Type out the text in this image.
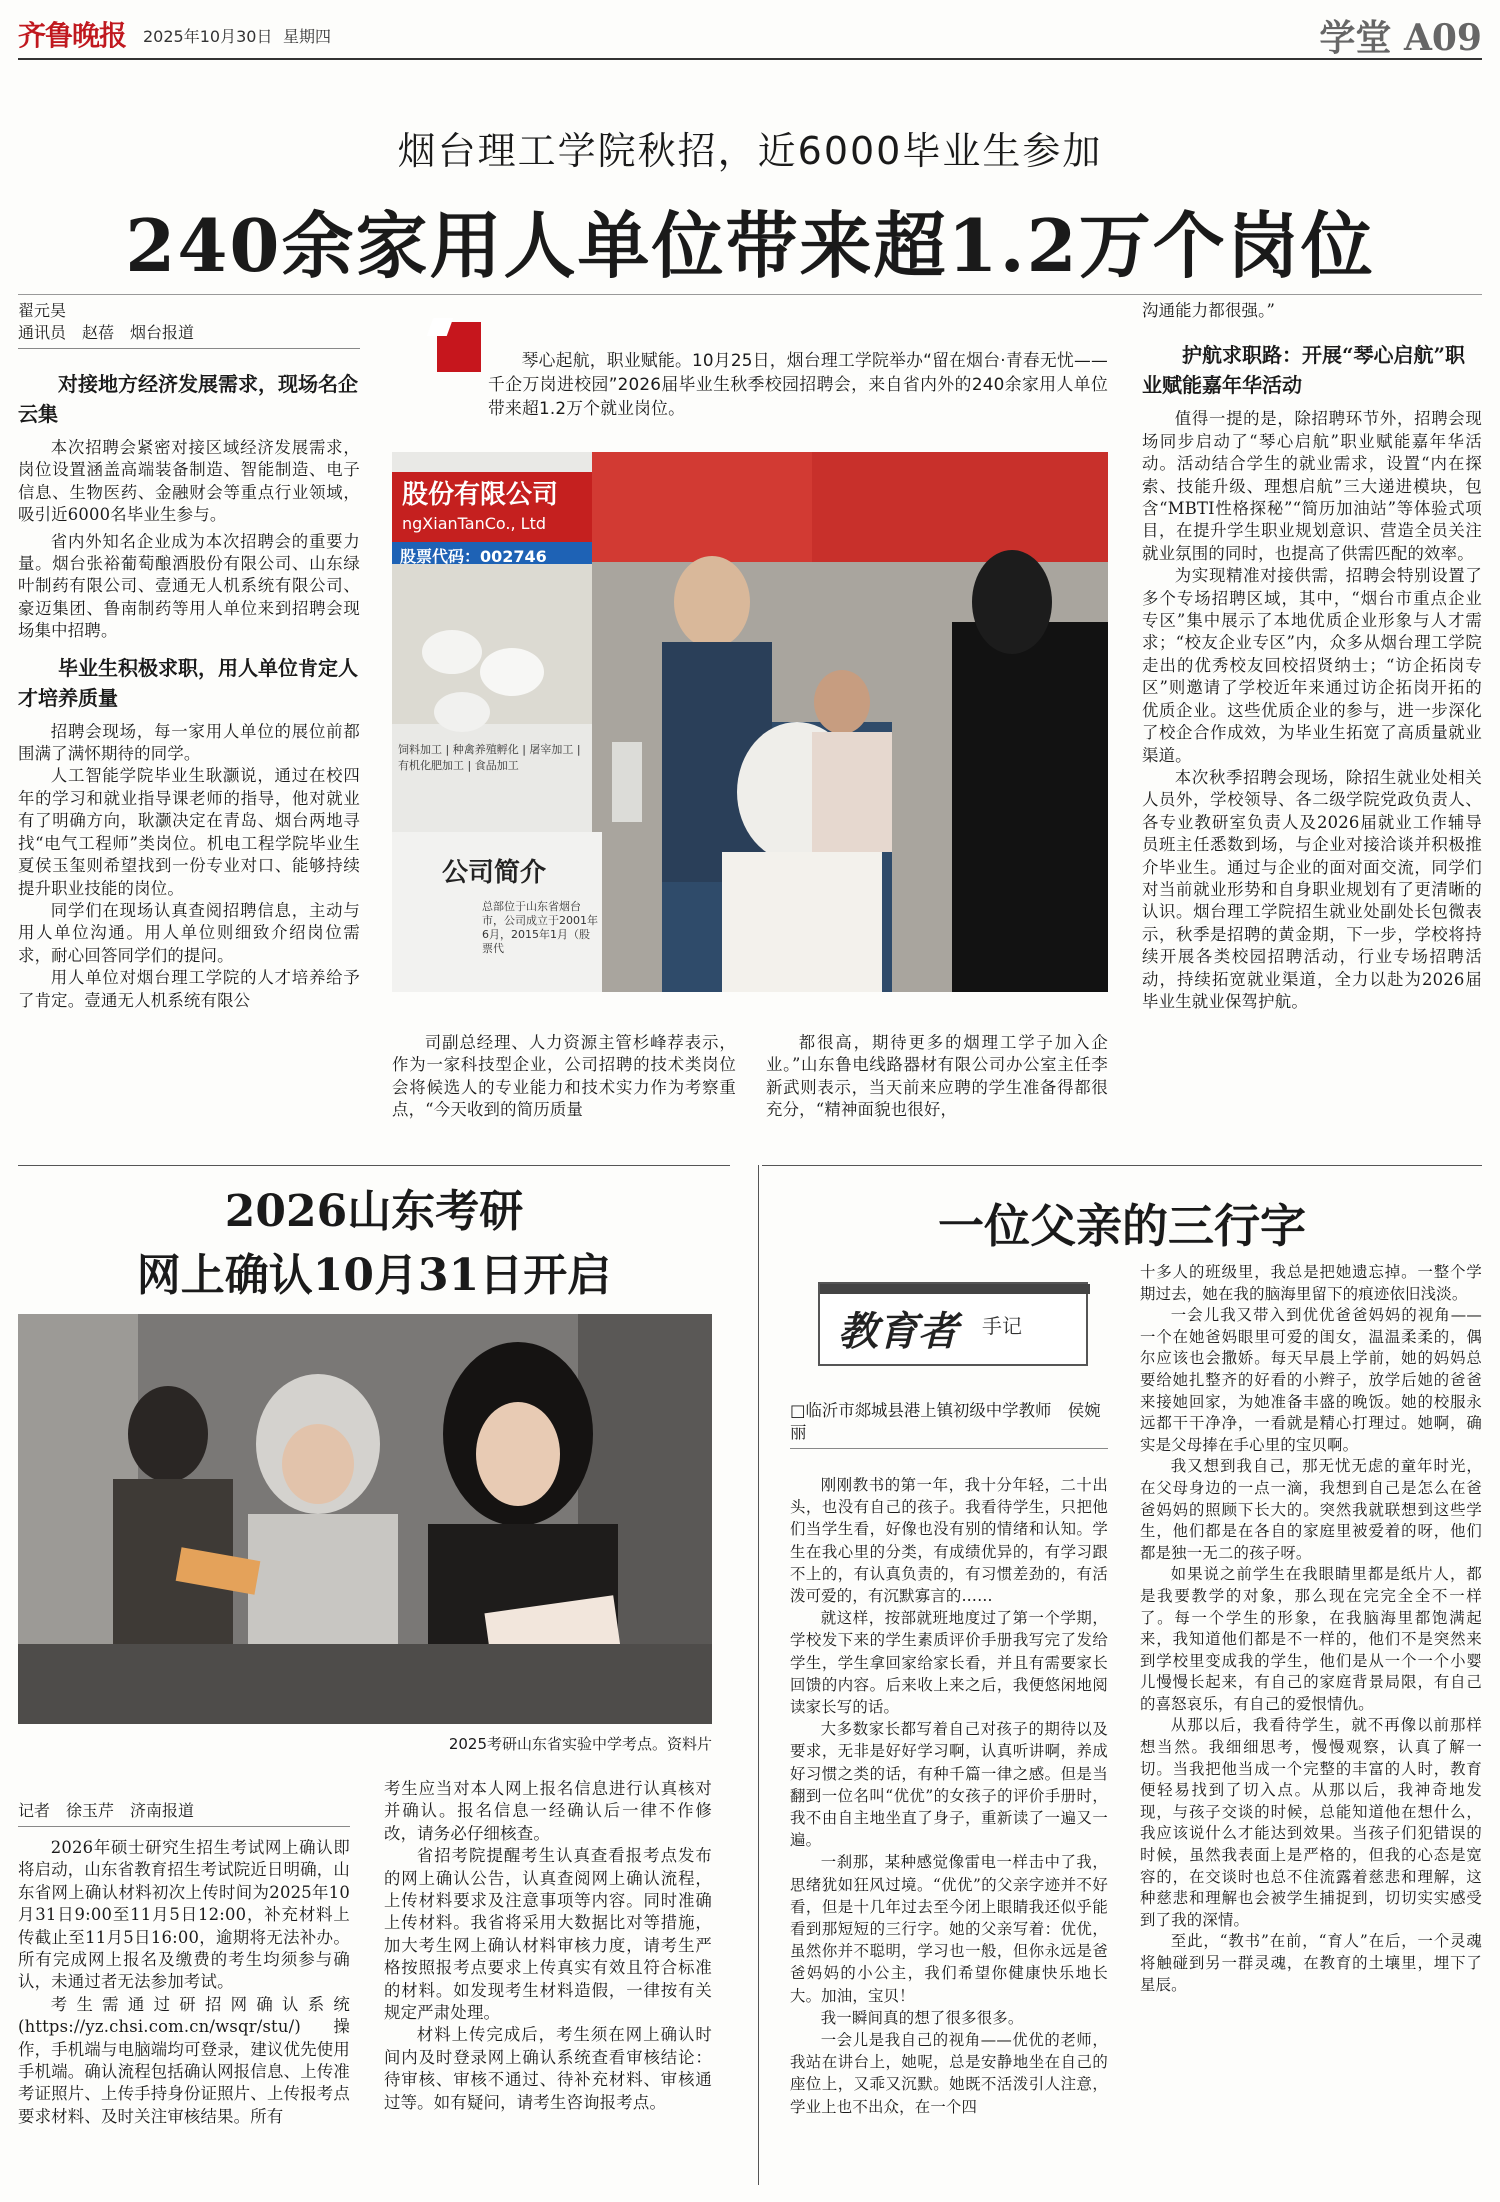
齐鲁晚报 2025年10月30日 星期四	学堂 A09
烟台理工学院秋招，近6000毕业生参加
240余家用人单位带来超1.2万个岗位
翟元昊
通讯员　赵蓓　烟台报道
对接地方经济发展需求，现场名企云集

本次招聘会紧密对接区域经济发展需求，岗位设置涵盖高端装备制造、智能制造、电子信息、生物医药、金融财会等重点行业领域，吸引近6000名毕业生参与。

省内外知名企业成为本次招聘会的重要力量。烟台张裕葡萄酿酒股份有限公司、山东绿叶制药有限公司、壹通无人机系统有限公司、豪迈集团、鲁南制药等用人单位来到招聘会现场集中招聘。

毕业生积极求职，用人单位肯定人才培养质量

招聘会现场，每一家用人单位的展位前都围满了满怀期待的同学。

人工智能学院毕业生耿灏说，通过在校四年的学习和就业指导课老师的指导，他对就业有了明确方向，耿灏决定在青岛、烟台两地寻找“电气工程师”类岗位。机电工程学院毕业生夏侯玉玺则希望找到一份专业对口、能够持续提升职业技能的岗位。

同学们在现场认真查阅招聘信息，主动与用人单位沟通。用人单位则细致介绍岗位需求，耐心回答同学们的提问。

用人单位对烟台理工学院的人才培养给予了肯定。壹通无人机系统有限公

琴心起航，职业赋能。10月25日，烟台理工学院举办“留在烟台·青春无忧——千企万岗进校园”2026届毕业生秋季校园招聘会，来自省内外的240余家用人单位带来超1.2万个就业岗位。
股份有限公司
ngXianTanCo., Ltd
股票代码：002746
饲料加工 | 种禽养殖孵化 | 屠宰加工 | 有机化肥加工 | 食品加工
公司简介
总部位于山东省烟台市，公司成立于2001年6月，2015年1月（股票代
司副总经理、人力资源主管杉峰荐表示，作为一家科技型企业，公司招聘的技术类岗位会将候选人的专业能力和技术实力作为考察重点，“今天收到的简历质量
都很高，期待更多的烟理工学子加入企业。”山东鲁电线路器材有限公司办公室主任李新武则表示，当天前来应聘的学生准备得都很充分，“精神面貌也很好，

沟通能力都很强。”

护航求职路：开展“琴心启航”职业赋能嘉年华活动

值得一提的是，除招聘环节外，招聘会现场同步启动了“琴心启航”职业赋能嘉年华活动。活动结合学生的就业需求，设置“内在探索、技能升级、理想启航”三大递进模块，包含“MBTI性格探秘”“简历加油站”等体验式项目，在提升学生职业规划意识、营造全员关注就业氛围的同时，也提高了供需匹配的效率。

为实现精准对接供需，招聘会特别设置了多个专场招聘区域，其中，“烟台市重点企业专区”集中展示了本地优质企业形象与人才需求；“校友企业专区”内，众多从烟台理工学院走出的优秀校友回校招贤纳士；“访企拓岗专区”则邀请了学校近年来通过访企拓岗开拓的优质企业。这些优质企业的参与，进一步深化了校企合作成效，为毕业生拓宽了高质量就业渠道。

本次秋季招聘会现场，除招生就业处相关人员外，学校领导、各二级学院党政负责人、各专业教研室负责人及2026届就业工作辅导员班主任悉数到场，与企业对接洽谈并积极推介毕业生。通过与企业的面对面交流，同学们对当前就业形势和自身职业规划有了更清晰的认识。烟台理工学院招生就业处副处长包微表示，秋季是招聘的黄金期，下一步，学校将持续开展各类校园招聘活动，行业专场招聘活动，持续拓宽就业渠道，全力以赴为2026届毕业生就业保驾护航。

2026山东考研
网上确认10月31日开启
2025考研山东省实验中学考点。资料片
记者　徐玉芹　济南报道

2026年硕士研究生招生考试网上确认即将启动，山东省教育招生考试院近日明确，山东省网上确认材料初次上传时间为2025年10月31日9:00至11月5日12:00，补充材料上传截止至11月5日16:00，逾期将无法补办。所有完成网上报名及缴费的考生均须参与确认，未通过者无法参加考试。

考生需通过研招网确认系统(https://yz.chsi.com.cn/wsqr/stu/)操作，手机端与电脑端均可登录，建议优先使用手机端。确认流程包括确认网报信息、上传准考证照片、上传手持身份证照片、上传报考点要求材料、及时关注审核结果。所有

考生应当对本人网上报名信息进行认真核对并确认。报名信息一经确认后一律不作修改，请务必仔细核查。

省招考院提醒考生认真查看报考点发布的网上确认公告，认真查阅网上确认流程，上传材料要求及注意事项等内容。同时准确上传材料。我省将采用大数据比对等措施，加大考生网上确认材料审核力度，请考生严格按照报考点要求上传真实有效且符合标准的材料。如发现考生材料造假，一律按有关规定严肃处理。

材料上传完成后，考生须在网上确认时间内及时登录网上确认系统查看审核结论：待审核、审核不通过、待补充材料、审核通过等。如有疑问，请考生咨询报考点。

一位父亲的三行字
教育者 手记
□临沂市郯城县港上镇初级中学教师　侯婉丽

刚刚教书的第一年，我十分年轻，二十出头，也没有自己的孩子。我看待学生，只把他们当学生看，好像也没有别的情绪和认知。学生在我心里的分类，有成绩优异的，有学习跟不上的，有认真负责的，有习惯差劲的，有活泼可爱的，有沉默寡言的……

就这样，按部就班地度过了第一个学期，学校发下来的学生素质评价手册我写完了发给学生，学生拿回家给家长看，并且有需要家长回馈的内容。后来收上来之后，我便悠闲地阅读家长写的话。

大多数家长都写着自己对孩子的期待以及要求，无非是好好学习啊，认真听讲啊，养成好习惯之类的话，有种千篇一律之感。但是当翻到一位名叫“优优”的女孩子的评价手册时，我不由自主地坐直了身子，重新读了一遍又一遍。

一刹那，某种感觉像雷电一样击中了我，思绪犹如狂风过境。“优优”的父亲字迹并不好看，但是十几年过去至今闭上眼睛我还似乎能看到那短短的三行字。她的父亲写着：优优，虽然你并不聪明，学习也一般，但你永远是爸爸妈妈的小公主，我们希望你健康快乐地长大。加油，宝贝！

我一瞬间真的想了很多很多。

一会儿是我自己的视角——优优的老师，我站在讲台上，她呢，总是安静地坐在自己的座位上，又乖又沉默。她既不活泼引人注意，学业上也不出众，在一个四

十多人的班级里，我总是把她遗忘掉。一整个学期过去，她在我的脑海里留下的痕迹依旧浅淡。

一会儿我又带入到优优爸爸妈妈的视角——一个在她爸妈眼里可爱的闺女，温温柔柔的，偶尔应该也会撒娇。每天早晨上学前，她的妈妈总要给她扎整齐的好看的小辫子，放学后她的爸爸来接她回家，为她准备丰盛的晚饭。她的校服永远都干干净净，一看就是精心打理过。她啊，确实是父母捧在手心里的宝贝啊。

我又想到我自己，那无忧无虑的童年时光，在父母身边的一点一滴，我想到自己是怎么在爸爸妈妈的照顾下长大的。突然我就联想到这些学生，他们都是在各自的家庭里被爱着的呀，他们都是独一无二的孩子呀。

如果说之前学生在我眼睛里都是纸片人，都是我要教学的对象，那么现在完完全全不一样了。每一个学生的形象，在我脑海里都饱满起来，我知道他们都是不一样的，他们不是突然来到学校里变成我的学生，他们是从一个一个小婴儿慢慢长起来，有自己的家庭背景局限，有自己的喜怒哀乐，有自己的爱恨情仇。

从那以后，我看待学生，就不再像以前那样想当然。我细细思考，慢慢观察，认真了解一切。当我把他当成一个完整的丰富的人时，教育便轻易找到了切入点。从那以后，我神奇地发现，与孩子交谈的时候，总能知道他在想什么，我应该说什么才能达到效果。当孩子们犯错误的时候，虽然我表面上是严格的，但我的心态是宽容的，在交谈时也总不住流露着慈悲和理解，这种慈悲和理解也会被学生捕捉到，切切实实感受到了我的深情。

至此，“教书”在前，“育人”在后，一个灵魂将触碰到另一群灵魂，在教育的土壤里，埋下了星辰。
